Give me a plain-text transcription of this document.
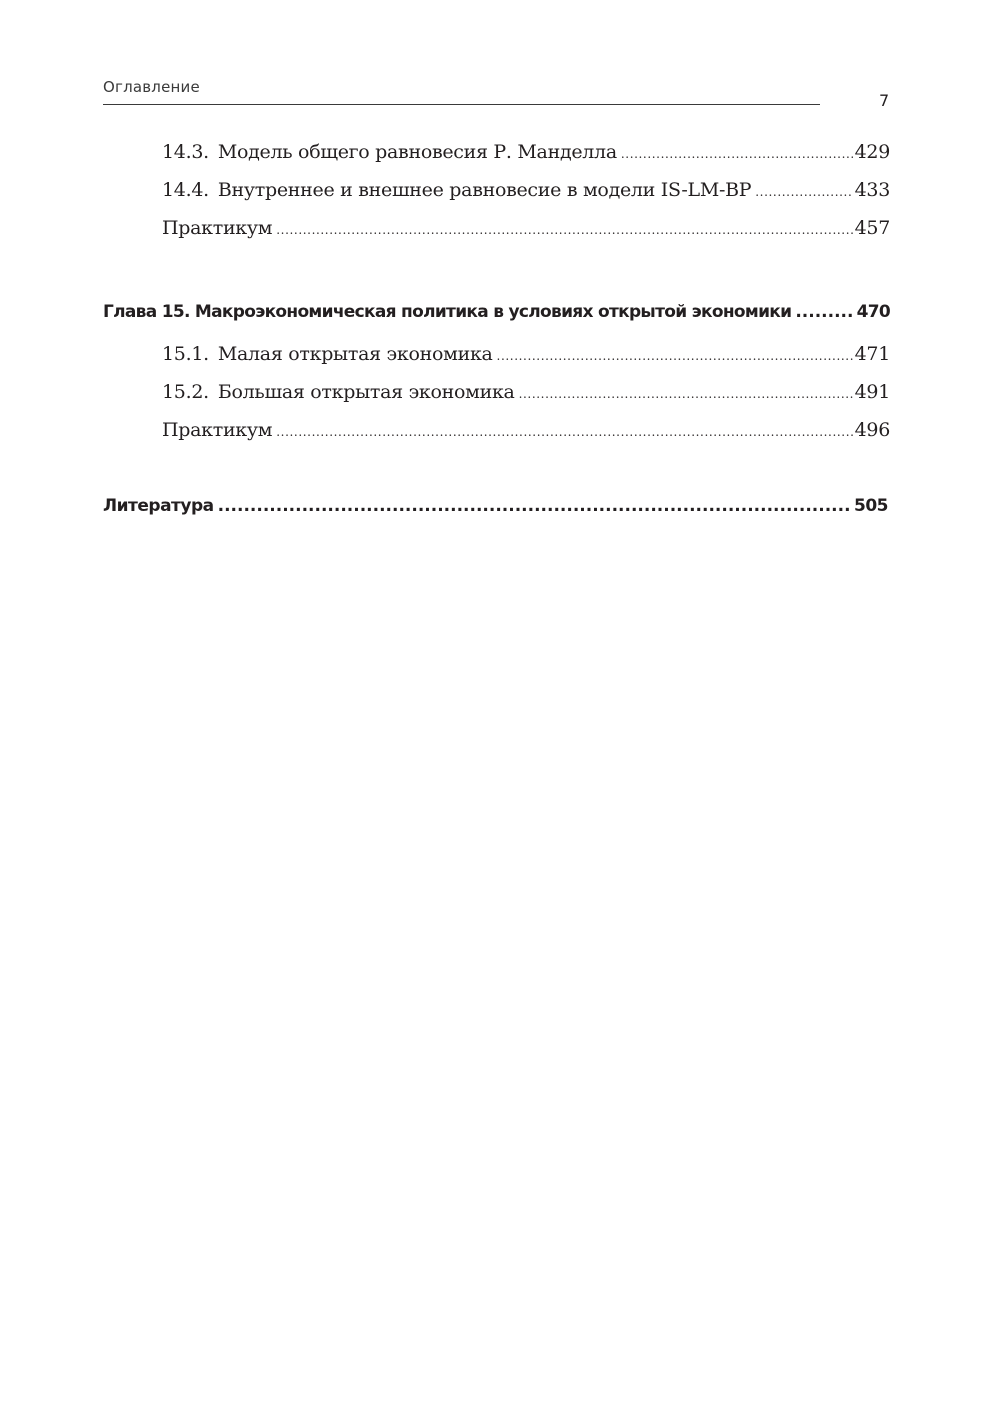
Оглавление
7
14.3. Модель общего равновесия Р. Манделла .....	429
14.4. Внутреннее и внешнее равновесие в модели IS-LM-BP .....	433
Практикум .....	457
Глава 15. Макроэкономическая политика в условиях открытой экономики .....	470
15.1. Малая открытая экономика .....	471
15.2. Большая открытая экономика .....	491
Практикум .....	496
Литература .....	505
